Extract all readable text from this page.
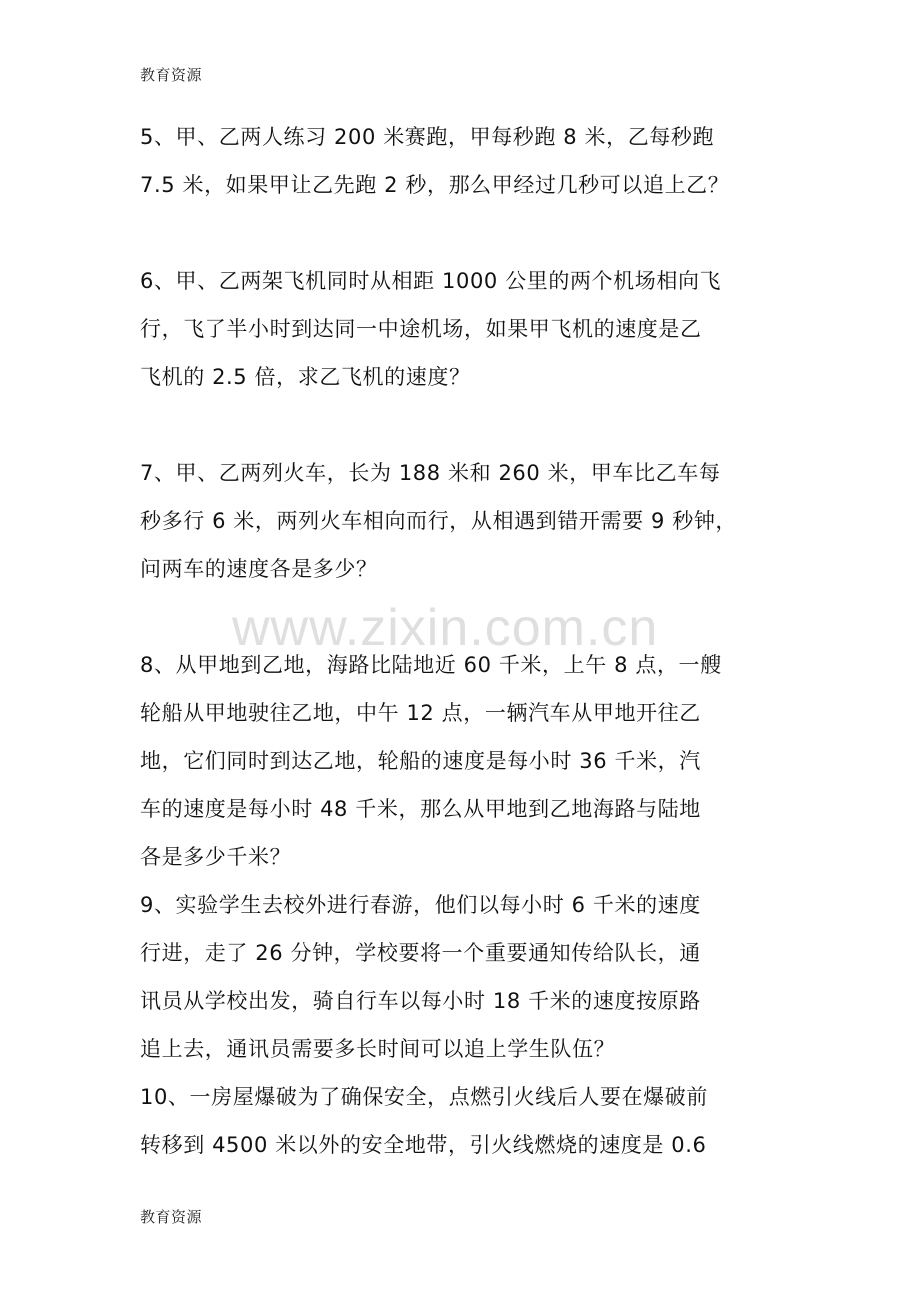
教育资源
www.zixin.com.cn
5、甲、乙两人练习 200 米赛跑，甲每秒跑 8 米，乙每秒跑
7.5 米，如果甲让乙先跑 2 秒，那么甲经过几秒可以追上乙？
6、甲、乙两架飞机同时从相距 1000 公里的两个机场相向飞
行，飞了半小时到达同一中途机场，如果甲飞机的速度是乙
飞机的 2.5 倍，求乙飞机的速度？
7、甲、乙两列火车，长为 188 米和 260 米，甲车比乙车每
秒多行 6 米，两列火车相向而行，从相遇到错开需要 9 秒钟，
问两车的速度各是多少？
8、从甲地到乙地，海路比陆地近 60 千米，上午 8 点，一艘
轮船从甲地驶往乙地，中午 12 点，一辆汽车从甲地开往乙
地，它们同时到达乙地，轮船的速度是每小时 36 千米，汽
车的速度是每小时 48 千米，那么从甲地到乙地海路与陆地
各是多少千米？
9、实验学生去校外进行春游，他们以每小时 6 千米的速度
行进，走了 26 分钟，学校要将一个重要通知传给队长，通
讯员从学校出发，骑自行车以每小时 18 千米的速度按原路
追上去，通讯员需要多长时间可以追上学生队伍？
10、一房屋爆破为了确保安全，点燃引火线后人要在爆破前
转移到 4500 米以外的安全地带，引火线燃烧的速度是 0.6
教育资源
